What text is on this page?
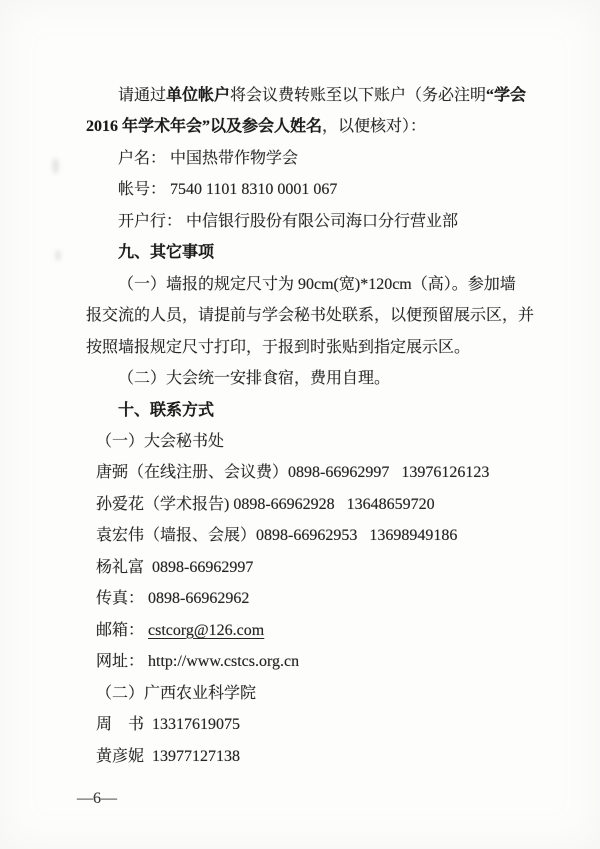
请通过单位帐户将会议费转账至以下账户（务必注明“学会
2016 年学术年会”以及参会人姓名，以便核对）：
户名： 中国热带作物学会
帐号： 7540 1101 8310 0001 067
开户行： 中信银行股份有限公司海口分行营业部
九、其它事项
（一）墙报的规定尺寸为 90cm(宽)*120cm（高）。参加墙
报交流的人员，请提前与学会秘书处联系，以便预留展示区，并
按照墙报规定尺寸打印，于报到时张贴到指定展示区。
（二）大会统一安排食宿，费用自理。
十、联系方式
（一）大会秘书处
唐弼（在线注册、会议费）0898-66962997   13976126123
孙爱花（学术报告) 0898-66962928   13648659720
袁宏伟（墙报、会展）0898-66962953   13698949186
杨礼富  0898-66962997
传真： 0898-66962962
邮箱： cstcorg@126.com
网址： http://www.cstcs.org.cn
（二）广西农业科学院
周　书  13317619075
黄彦妮  13977127138
—6—
